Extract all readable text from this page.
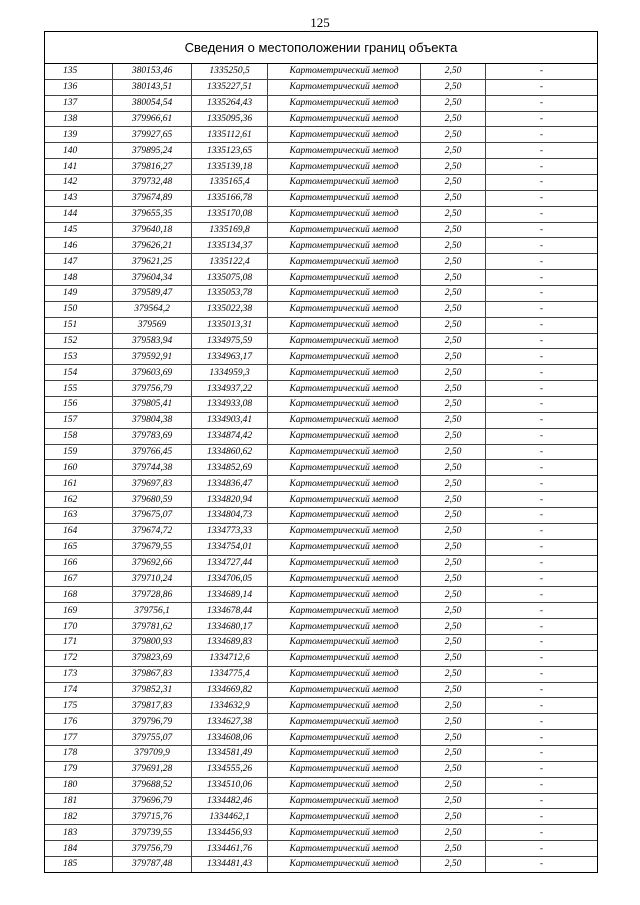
125
Сведения о местоположении границ объекта
135	380153,46	1335250,5	Картометрический метод	2,50	-
136	380143,51	1335227,51	Картометрический метод	2,50	-
137	380054,54	1335264,43	Картометрический метод	2,50	-
138	379966,61	1335095,36	Картометрический метод	2,50	-
139	379927,65	1335112,61	Картометрический метод	2,50	-
140	379895,24	1335123,65	Картометрический метод	2,50	-
141	379816,27	1335139,18	Картометрический метод	2,50	-
142	379732,48	1335165,4	Картометрический метод	2,50	-
143	379674,89	1335166,78	Картометрический метод	2,50	-
144	379655,35	1335170,08	Картометрический метод	2,50	-
145	379640,18	1335169,8	Картометрический метод	2,50	-
146	379626,21	1335134,37	Картометрический метод	2,50	-
147	379621,25	1335122,4	Картометрический метод	2,50	-
148	379604,34	1335075,08	Картометрический метод	2,50	-
149	379589,47	1335053,78	Картометрический метод	2,50	-
150	379564,2	1335022,38	Картометрический метод	2,50	-
151	379569	1335013,31	Картометрический метод	2,50	-
152	379583,94	1334975,59	Картометрический метод	2,50	-
153	379592,91	1334963,17	Картометрический метод	2,50	-
154	379603,69	1334959,3	Картометрический метод	2,50	-
155	379756,79	1334937,22	Картометрический метод	2,50	-
156	379805,41	1334933,08	Картометрический метод	2,50	-
157	379804,38	1334903,41	Картометрический метод	2,50	-
158	379783,69	1334874,42	Картометрический метод	2,50	-
159	379766,45	1334860,62	Картометрический метод	2,50	-
160	379744,38	1334852,69	Картометрический метод	2,50	-
161	379697,83	1334836,47	Картометрический метод	2,50	-
162	379680,59	1334820,94	Картометрический метод	2,50	-
163	379675,07	1334804,73	Картометрический метод	2,50	-
164	379674,72	1334773,33	Картометрический метод	2,50	-
165	379679,55	1334754,01	Картометрический метод	2,50	-
166	379692,66	1334727,44	Картометрический метод	2,50	-
167	379710,24	1334706,05	Картометрический метод	2,50	-
168	379728,86	1334689,14	Картометрический метод	2,50	-
169	379756,1	1334678,44	Картометрический метод	2,50	-
170	379781,62	1334680,17	Картометрический метод	2,50	-
171	379800,93	1334689,83	Картометрический метод	2,50	-
172	379823,69	1334712,6	Картометрический метод	2,50	-
173	379867,83	1334775,4	Картометрический метод	2,50	-
174	379852,31	1334669,82	Картометрический метод	2,50	-
175	379817,83	1334632,9	Картометрический метод	2,50	-
176	379796,79	1334627,38	Картометрический метод	2,50	-
177	379755,07	1334608,06	Картометрический метод	2,50	-
178	379709,9	1334581,49	Картометрический метод	2,50	-
179	379691,28	1334555,26	Картометрический метод	2,50	-
180	379688,52	1334510,06	Картометрический метод	2,50	-
181	379696,79	1334482,46	Картометрический метод	2,50	-
182	379715,76	1334462,1	Картометрический метод	2,50	-
183	379739,55	1334456,93	Картометрический метод	2,50	-
184	379756,79	1334461,76	Картометрический метод	2,50	-
185	379787,48	1334481,43	Картометрический метод	2,50	-
